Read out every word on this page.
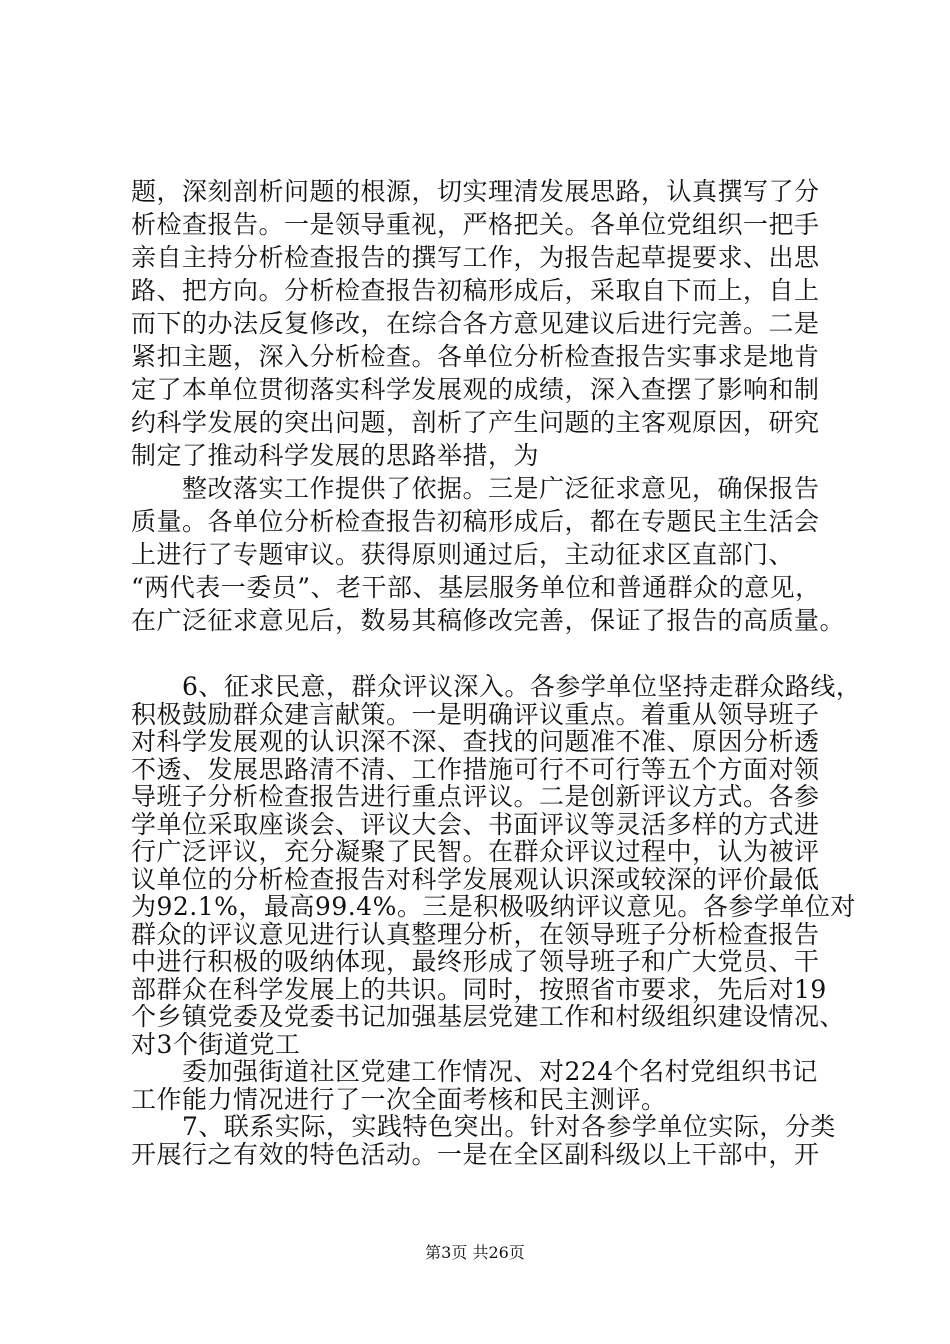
题，深刻剖析问题的根源，切实理清发展思路，认真撰写了分
析检查报告。一是领导重视，严格把关。各单位党组织一把手
亲自主持分析检查报告的撰写工作，为报告起草提要求、出思
路、把方向。分析检查报告初稿形成后，采取自下而上，自上
而下的办法反复修改，在综合各方意见建议后进行完善。二是
紧扣主题，深入分析检查。各单位分析检查报告实事求是地肯
定了本单位贯彻落实科学发展观的成绩，深入查摆了影响和制
约科学发展的突出问题，剖析了产生问题的主客观原因，研究
制定了推动科学发展的思路举措，为
　　整改落实工作提供了依据。三是广泛征求意见，确保报告
质量。各单位分析检查报告初稿形成后，都在专题民主生活会
上进行了专题审议。获得原则通过后，主动征求区直部门、
“两代表一委员”、老干部、基层服务单位和普通群众的意见，
在广泛征求意见后，数易其稿修改完善，保证了报告的高质量。
　　6、征求民意，群众评议深入。各参学单位坚持走群众路线，
积极鼓励群众建言献策。一是明确评议重点。着重从领导班子
对科学发展观的认识深不深、查找的问题准不准、原因分析透
不透、发展思路清不清、工作措施可行不可行等五个方面对领
导班子分析检查报告进行重点评议。二是创新评议方式。各参
学单位采取座谈会、评议大会、书面评议等灵活多样的方式进
行广泛评议，充分凝聚了民智。在群众评议过程中，认为被评
议单位的分析检查报告对科学发展观认识深或较深的评价最低
为92.1%，最高99.4%。三是积极吸纳评议意见。各参学单位对
群众的评议意见进行认真整理分析，在领导班子分析检查报告
中进行积极的吸纳体现，最终形成了领导班子和广大党员、干
部群众在科学发展上的共识。同时，按照省市要求，先后对19
个乡镇党委及党委书记加强基层党建工作和村级组织建设情况、
对3个街道党工
　　委加强街道社区党建工作情况、对224个名村党组织书记
工作能力情况进行了一次全面考核和民主测评。
　　7、联系实际，实践特色突出。针对各参学单位实际，分类
开展行之有效的特色活动。一是在全区副科级以上干部中，开
第3页 共26页
